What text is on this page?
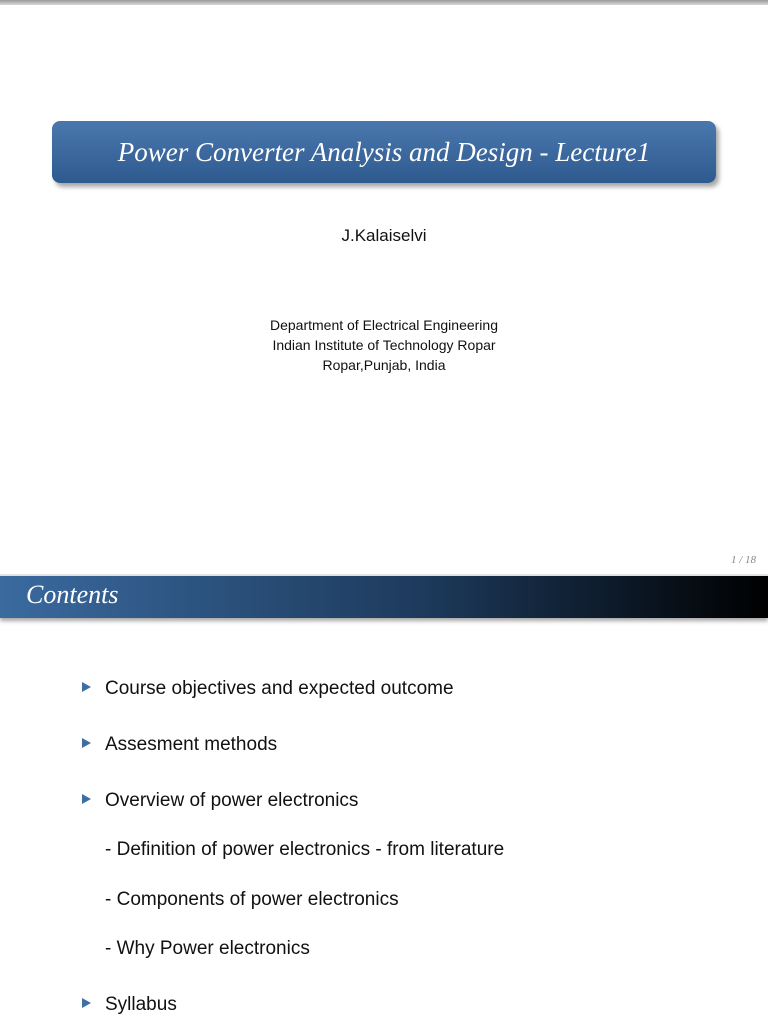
Power Converter Analysis and Design - Lecture1
J.Kalaiselvi
Department of Electrical Engineering
Indian Institute of Technology Ropar
Ropar,Punjab, India
1 / 18
Contents
Course objectives and expected outcome
Assesment methods
Overview of power electronics
- Definition of power electronics - from literature
- Components of power electronics
- Why Power electronics
Syllabus
